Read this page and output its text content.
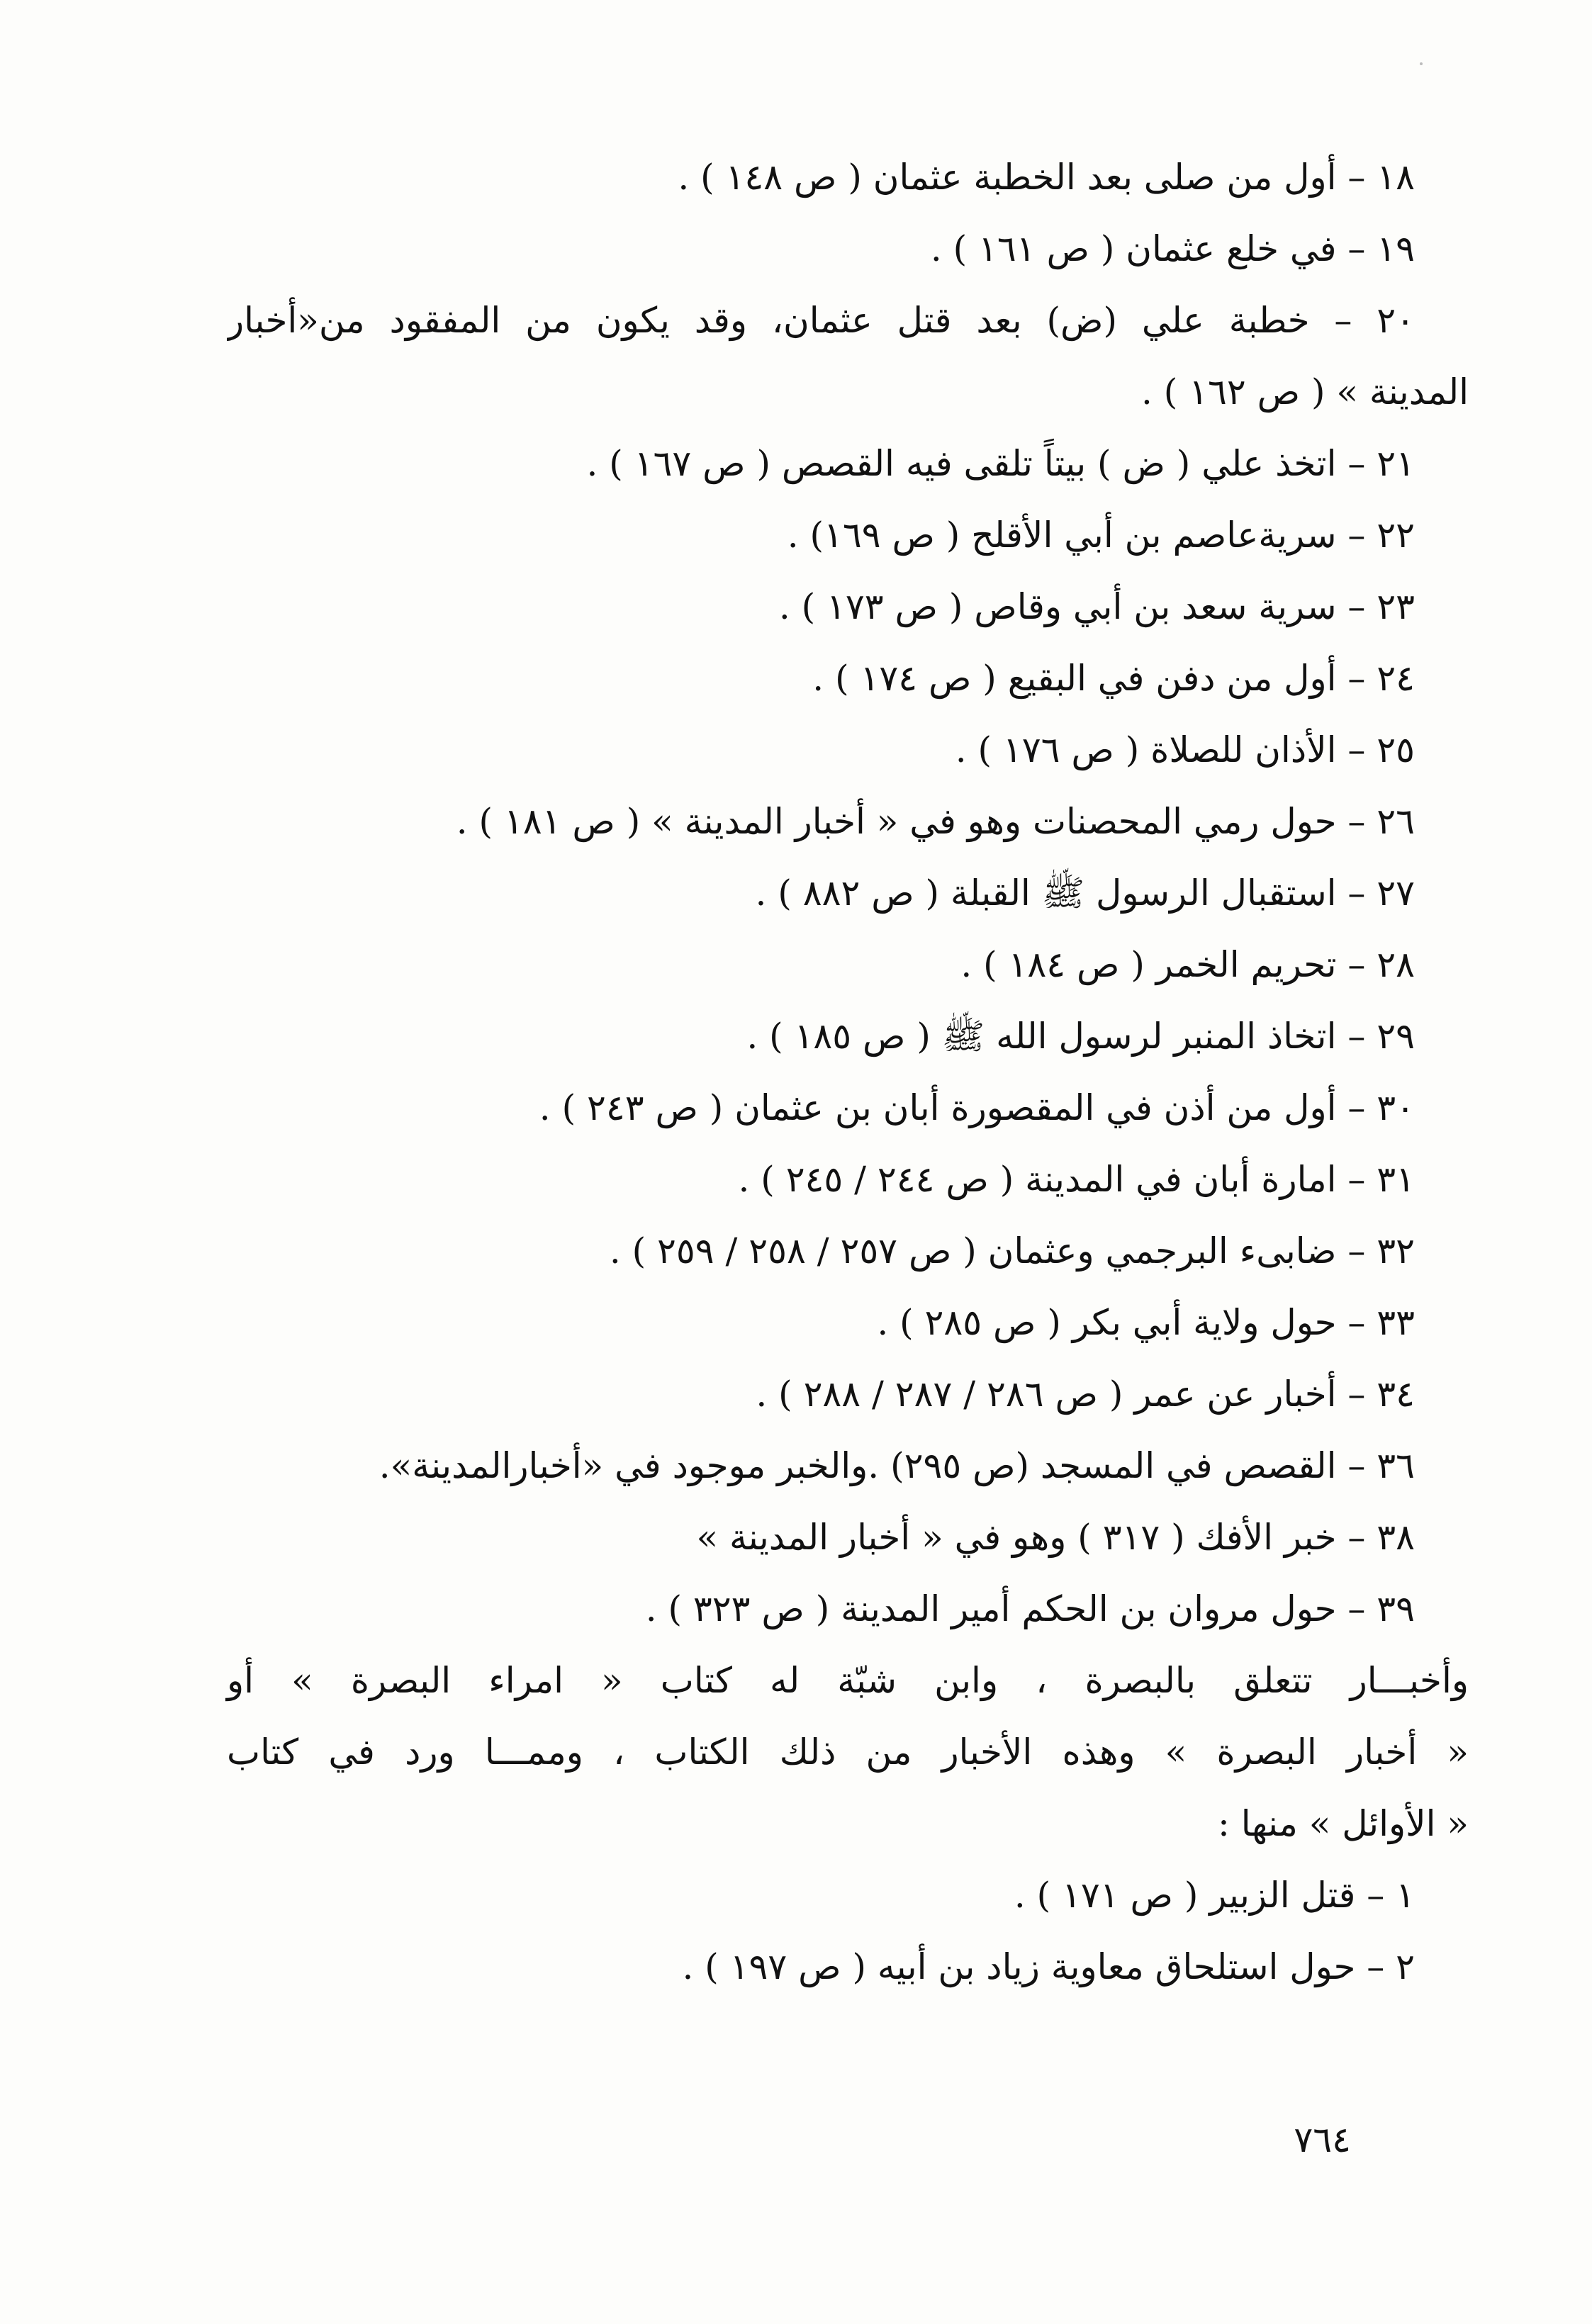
١٨ – أول من صلى بعد الخطبة عثمان ( ص ١٤٨ ) .
١٩ – في خلع عثمان ( ص ١٦١ ) .
٢٠ – خطبة علي (ض) بعد قتل عثمان، وقد يكون من المفقود من«أخبار
المدينة » ( ص ١٦٢ ) .
٢١ – اتخذ علي ( ض ) بيتاً تلقى فيه القصص ( ص ١٦٧ ) .
٢٢ – سريةعاصم بن أبي الأقلح ( ص ١٦٩) .
٢٣ – سرية سعد بن أبي وقاص ( ص ١٧٣ ) .
٢٤ – أول من دفن في البقيع ( ص ١٧٤ ) .
٢٥ – الأذان للصلاة ( ص ١٧٦ ) .
٢٦ – حول رمي المحصنات وهو في « أخبار المدينة » ( ص ١٨١ ) .
٢٧ – استقبال الرسول ﷺ القبلة ( ص ٨٨٢ ) .
٢٨ – تحريم الخمر ( ص ١٨٤ ) .
٢٩ – اتخاذ المنبر لرسول الله ﷺ ( ص ١٨٥ ) .
٣٠ – أول من أذن في المقصورة أبان بن عثمان ( ص ٢٤٣ ) .
٣١ – امارة أبان في المدينة ( ص ٢٤٤ / ٢٤٥ ) .
٣٢ – ضابىء البرجمي وعثمان ( ص ٢٥٧ / ٢٥٨ / ٢٥٩ ) .
٣٣ – حول ولاية أبي بكر ( ص ٢٨٥ ) .
٣٤ – أخبار عن عمر ( ص ٢٨٦ / ٢٨٧ / ٢٨٨ ) .
٣٦ – القصص في المسجد (ص ٢٩٥) .والخبر موجود في «أخبارالمدينة».
٣٨ – خبر الأفك ( ٣١٧ ) وهو في « أخبار المدينة »
٣٩ – حول مروان بن الحكم أمير المدينة ( ص ٣٢٣ ) .
وأخبـــار تتعلق بالبصرة ، وابن شبّة له كتاب « امراء البصرة » أو
« أخبار البصرة » وهذه الأخبار من ذلك الكتاب ، وممـــا ورد في كتاب
« الأوائل » منها :
١ – قتل الزبير ( ص ١٧١ ) .
٢ – حول استلحاق معاوية زياد بن أبيه ( ص ١٩٧ ) .
٧٦٤
